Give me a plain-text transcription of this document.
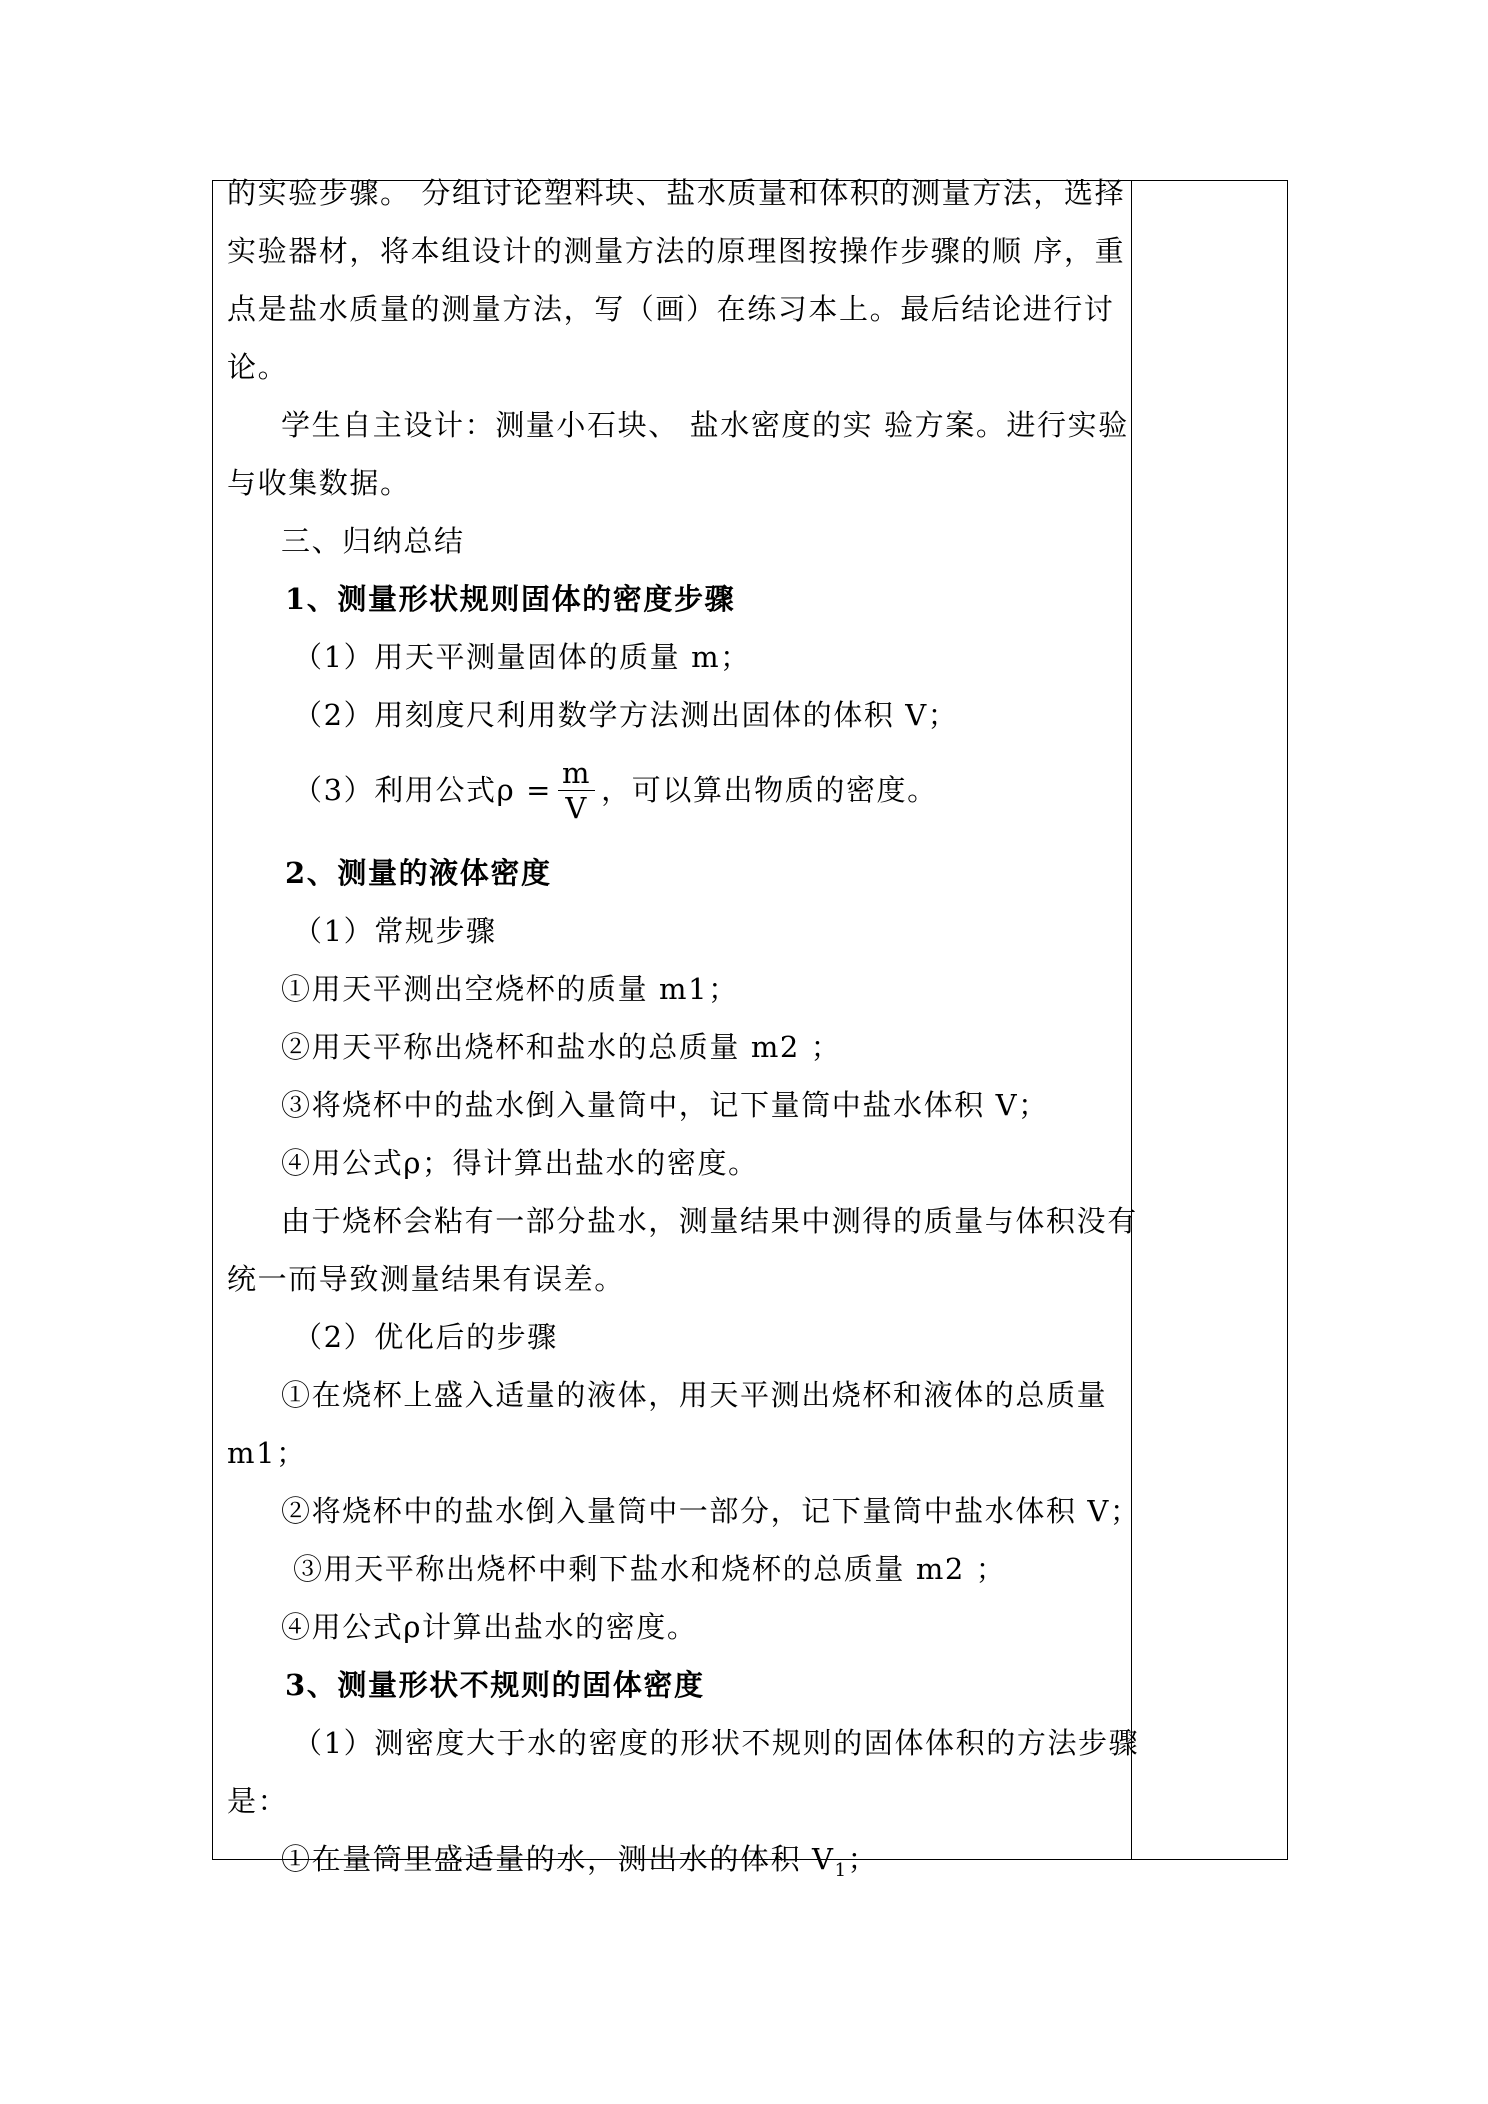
的实验步骤。 分组讨论塑料块、盐水质量和体积的测量方法，选择
实验器材，将本组设计的测量方法的原理图按操作步骤的顺 序，重
点是盐水质量的测量方法，写（画）在练习本上。最后结论进行讨
论。
学生自主设计：测量小石块、 盐水密度的实 验方案。进行实验
与收集数据。
三、归纳总结
1、测量形状规则固体的密度步骤
（1）用天平测量固体的质量 m；
（2）用刻度尺利用数学方法测出固体的体积 V；
（3）利用公式$\rho = \frac{m}{V}$ ，可以算出物质的密度。
2、测量的液体密度
（1）常规步骤
①用天平测出空烧杯的质量 m1；
②用天平称出烧杯和盐水的总质量 m2 ；
③将烧杯中的盐水倒入量筒中，记下量筒中盐水体积 V；
④用公式ρ；得计算出盐水的密度。
由于烧杯会粘有一部分盐水，测量结果中测得的质量与体积没有
统一而导致测量结果有误差。
（2）优化后的步骤
①在烧杯上盛入适量的液体，用天平测出烧杯和液体的总质量
m1；
②将烧杯中的盐水倒入量筒中一部分，记下量筒中盐水体积 V；
③用天平称出烧杯中剩下盐水和烧杯的总质量 m2 ；
④用公式ρ计算出盐水的密度。
3、测量形状不规则的固体密度
（1）测密度大于水的密度的形状不规则的固体体积的方法步骤
是：
①在量筒里盛适量的水，测出水的体积 $V_1$；
